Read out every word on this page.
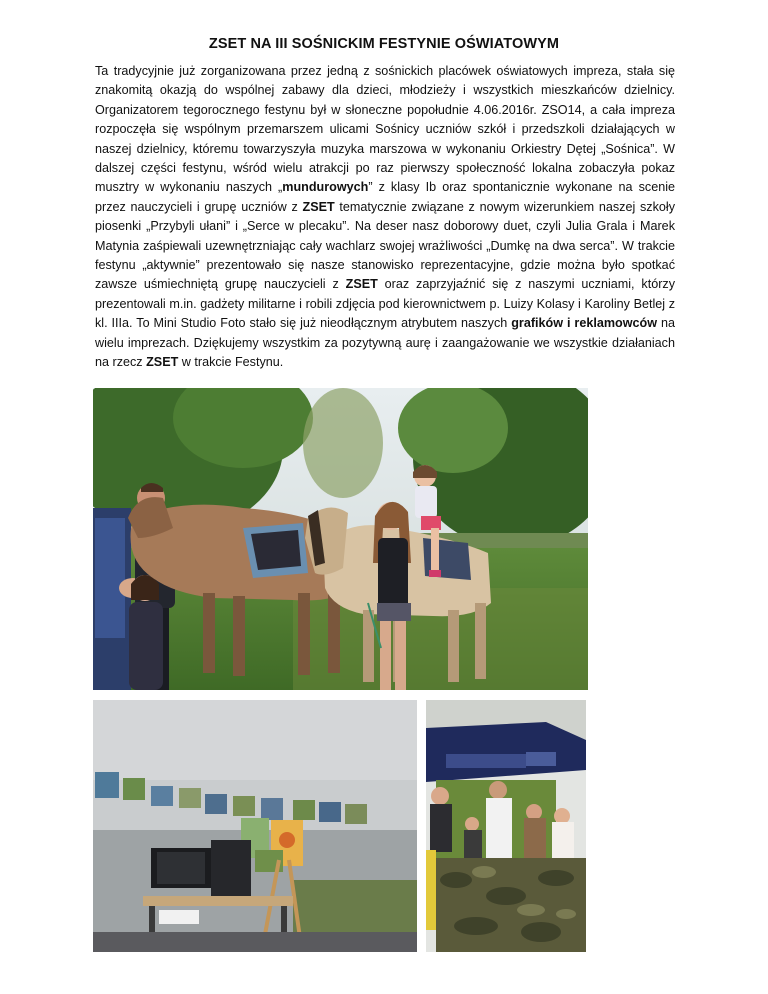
ZSET NA III SOŚNICKIM FESTYNIE OŚWIATOWYM
Ta tradycyjnie już zorganizowana przez jedną z sośnickich placówek oświatowych impreza, stała się znakomitą okazją do wspólnej zabawy dla dzieci, młodzieży i wszystkich mieszkańców dzielnicy. Organizatorem tegorocznego festynu był w słoneczne popołudnie 4.06.2016r. ZSO14, a cała impreza rozpoczęła się wspólnym przemarszem ulicami Sośnicy uczniów szkół i przedszkoli działających w naszej dzielnicy, któremu towarzyszyła muzyka marszowa w wykonaniu Orkiestry Dętej „Sośnica”. W dalszej części festynu, wśród wielu atrakcji po raz pierwszy społeczność lokalna zobaczyła pokaz musztry w wykonaniu naszych „mundurowych” z klasy Ib oraz spontanicznie wykonane na scenie przez nauczycieli i grupę uczniów z ZSET tematycznie związane z nowym wizerunkiem naszej szkoły piosenki „Przybyli ułani” i „Serce w plecaku”. Na deser nasz doborowy duet, czyli Julia Grala i Marek Matynia zaśpiewali uzewnętrzniając cały wachlarz swojej wrażliwości „Dumkę na dwa serca”. W trakcie festynu „aktywnie” prezentowało się nasze stanowisko reprezentacyjne, gdzie można było spotkać zawsze uśmiechniętą grupę nauczycieli z ZSET oraz zaprzyjaźnić się z naszymi uczniami, którzy prezentowali m.in. gadżety militarne i robili zdjęcia pod kierownictwem p. Luizy Kolasy i Karoliny Betlej z kl. IIIa. To Mini Studio Foto stało się już nieodłącznym atrybutem naszych grafików i reklamowców na wielu imprezach. Dziękujemy wszystkim za pozytywną aurę i zaangażowanie we wszystkie działaniach na rzecz ZSET w trakcie Festynu.
